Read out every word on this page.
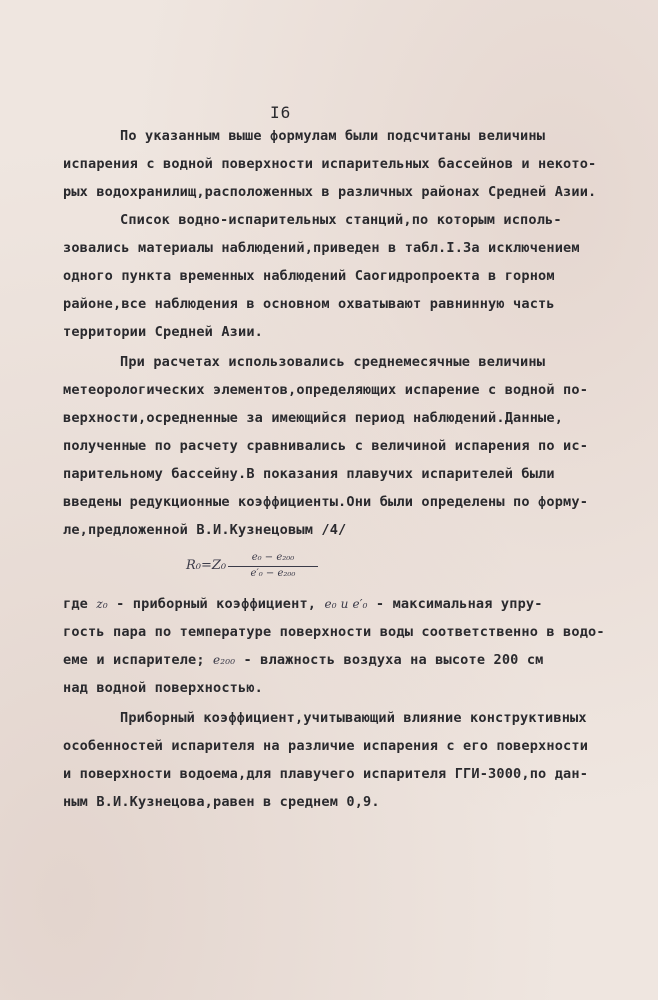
I6
По указанным выше формулам были подсчитаны величины
испарения с водной поверхности испарительных бассейнов и некото-
рых водохранилищ,расположенных в различных районах Средней Азии.
Список водно-испарительных станций,по которым исполь-
зовались материалы наблюдений,приведен в табл.I.За исключением
одного пункта временных наблюдений Саогидропроекта в горном
районе,все наблюдения в основном охватывают равнинную часть
территории Средней Азии.
При расчетах использовались среднемесячные величины
метеорологических элементов,определяющих испарение с водной по-
верхности,осредненные за имеющийся период наблюдений.Данные,
полученные по расчету сравнивались с величиной испарения по ис-
парительному бассейну.В показания плавучих испарителей были
введены редукционные коэффициенты.Они были определены по форму-
ле,предложенной В.И.Кузнецовым /4/
R₀=Z₀
e₀ − e₂₀₀
e′₀ − e₂₀₀
где z₀ - приборный коэффициент, e₀ и e′₀ - максимальная упру-
гость пара по температуре поверхности воды соответственно в водо-
еме и испарителе; e₂₀₀ - влажность воздуха на высоте 200 см
над водной поверхностью.
Приборный коэффициент,учитывающий влияние конструктивных
особенностей испарителя на различие испарения с его поверхности
и поверхности водоема,для плавучего испарителя ГГИ-3000,по дан-
ным В.И.Кузнецова,равен в среднем 0,9.
